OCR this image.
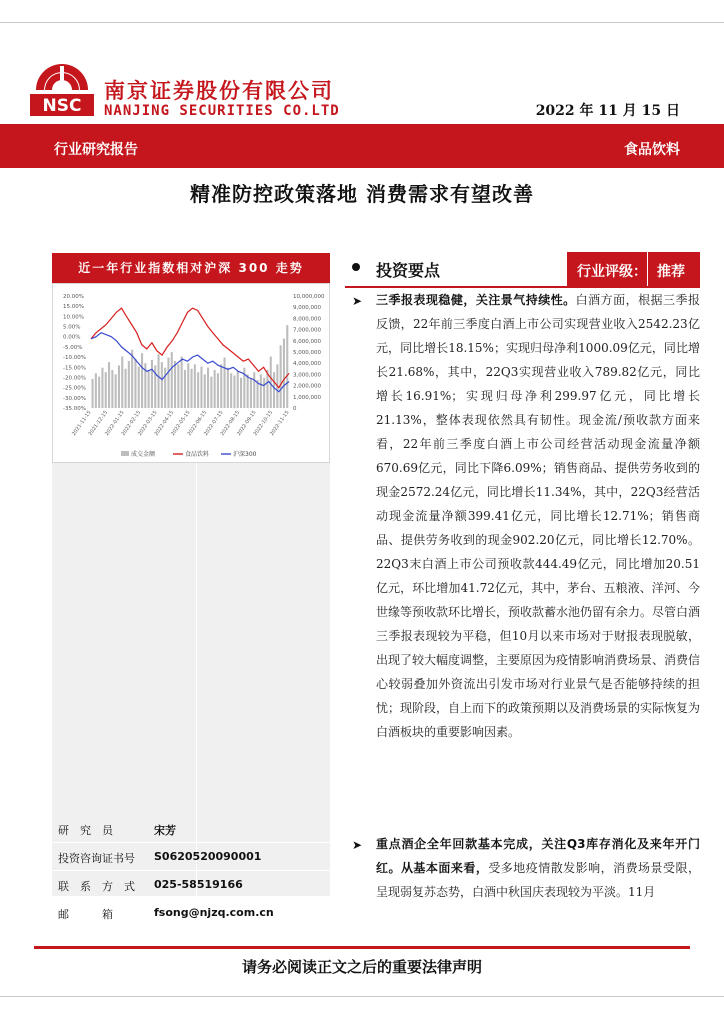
NSC
南京证券股份有限公司
NANJING SECURITIES CO.LTD	2022 年 11 月 15 日
行业研究报告	食品饮料
精准防控政策落地 消费需求有望改善
近一年行业指数相对沪深 300 走势
20.00%
15.00%
10.00%
5.00%
0.00%
-5.00%
-10.00%
-15.00%
-20.00%
-25.00%
-30.00%
-35.00%
10,000,000
9,000,000
8,000,000
7,000,000
6,000,000
5,000,000
4,000,000
3,000,000
2,000,000
1,000,000
0
2021-11-15
2021-12-15
2022-01-15
2022-02-15
2022-03-15
2022-04-15
2022-05-15
2022-06-15
2022-07-15
2022-08-15
2022-09-15
2022-10-15
2022-11-15
成交金额	食品饮料	沪深300
研　究　员	宋芳
投资咨询证书号 S0620520090001
联　系　方　式 025-58519166
邮　　　箱	fsong@njzq.com.cn
投资要点	行业评级： 推荐
➤ 三季报表现稳健，关注景气持续性。白酒方面，根据三季报反馈，22年前三季度白酒上市公司实现营业收入2542.23亿元，同比增长18.15%；实现归母净利1000.09亿元，同比增长21.68%，其中，22Q3实现营业收入789.82亿元，同比增长16.91%；实现归母净利299.97亿元，同比增长21.13%，整体表现依然具有韧性。现金流/预收款方面来看，22年前三季度白酒上市公司经营活动现金流量净额670.69亿元，同比下降6.09%；销售商品、提供劳务收到的现金2572.24亿元，同比增长11.34%，其中，22Q3经营活动现金流量净额399.41亿元，同比增长12.71%；销售商品、提供劳务收到的现金902.20亿元，同比增长12.70%。22Q3末白酒上市公司预收款444.49亿元，同比增加20.51亿元，环比增加41.72亿元，其中，茅台、五粮液、洋河、今世缘等预收款环比增长，预收款蓄水池仍留有余力。尽管白酒三季报表现较为平稳，但10月以来市场对于财报表现脱敏，出现了较大幅度调整，主要原因为疫情影响消费场景、消费信心较弱叠加外资流出引发市场对行业景气是否能够持续的担忧；现阶段，自上而下的政策预期以及消费场景的实际恢复为白酒板块的重要影响因素。
➤ 重点酒企全年回款基本完成，关注Q3库存消化及来年开门红。从基本面来看，受多地疫情散发影响，消费场景受限，呈现弱复苏态势，白酒中秋国庆表现较为平淡。11月
请务必阅读正文之后的重要法律声明
